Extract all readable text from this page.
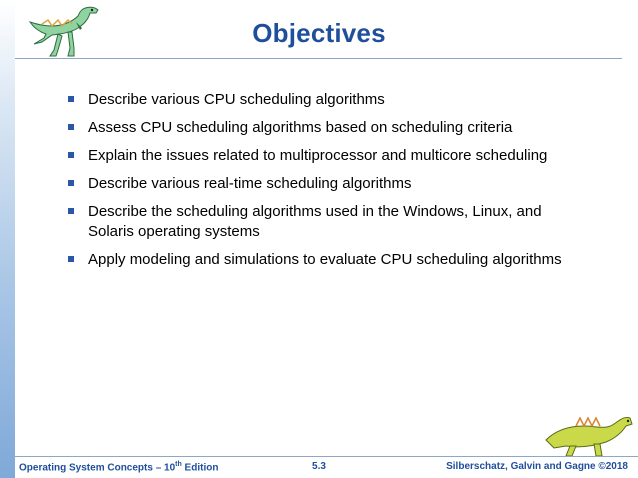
Objectives
Describe various CPU scheduling algorithms
Assess CPU scheduling algorithms based on scheduling criteria
Explain the issues related to multiprocessor and multicore scheduling
Describe various real-time scheduling algorithms
Describe the scheduling algorithms used in the Windows, Linux, and Solaris operating systems
Apply modeling and simulations to evaluate CPU scheduling algorithms
Operating System Concepts – 10th Edition	5.3	Silberschatz, Galvin and Gagne ©2018
